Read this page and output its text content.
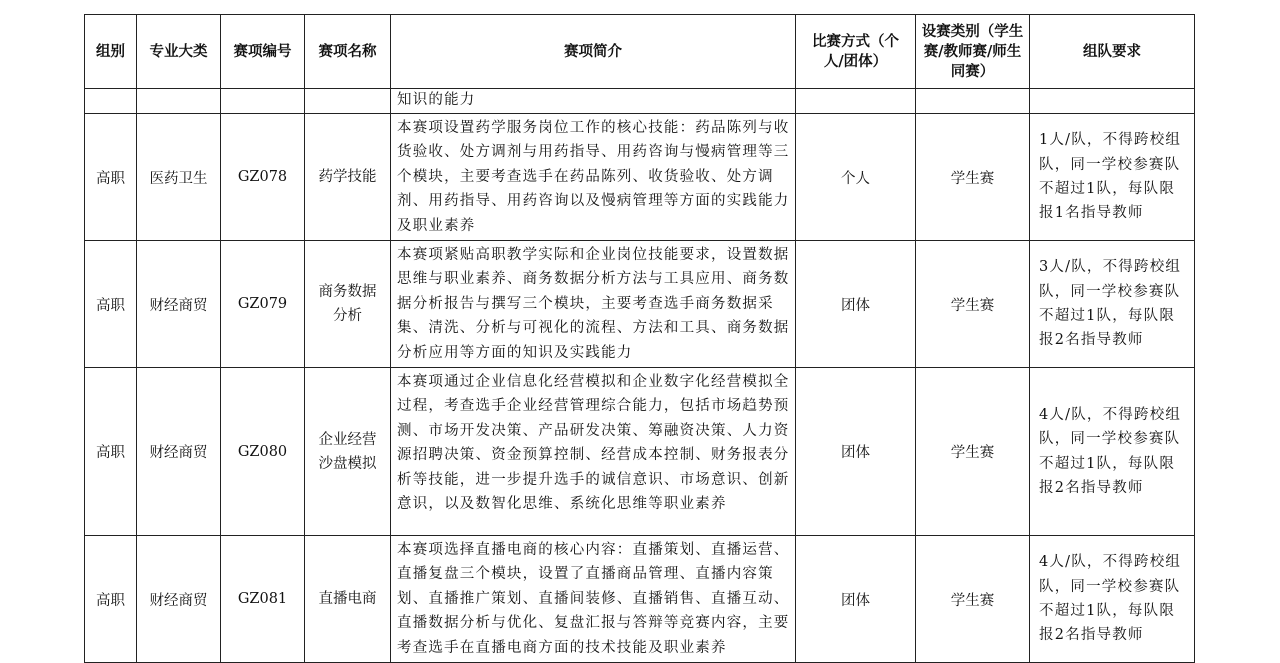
组别	专业大类	赛项编号	赛项名称	赛项简介	比赛方式（个人/团体）	设赛类别（学生赛/教师赛/师生同赛）	组队要求
				知识的能力			
高职	医药卫生	GZ078	药学技能	本赛项设置药学服务岗位工作的核心技能：药品陈列与收货验收、处方调剂与用药指导、用药咨询与慢病管理等三个模块，主要考查选手在药品陈列、收货验收、处方调剂、用药指导、用药咨询以及慢病管理等方面的实践能力及职业素养	个人	学生赛	1人/队，不得跨校组队，同一学校参赛队不超过1队，每队限报1名指导教师
高职	财经商贸	GZ079	商务数据分析	本赛项紧贴高职教学实际和企业岗位技能要求，设置数据思维与职业素养、商务数据分析方法与工具应用、商务数据分析报告与撰写三个模块，主要考查选手商务数据采集、清洗、分析与可视化的流程、方法和工具、商务数据分析应用等方面的知识及实践能力	团体	学生赛	3人/队，不得跨校组队，同一学校参赛队不超过1队，每队限报2名指导教师
高职	财经商贸	GZ080	企业经营沙盘模拟	本赛项通过企业信息化经营模拟和企业数字化经营模拟全过程，考查选手企业经营管理综合能力，包括市场趋势预测、市场开发决策、产品研发决策、筹融资决策、人力资源招聘决策、资金预算控制、经营成本控制、财务报表分析等技能，进一步提升选手的诚信意识、市场意识、创新意识，以及数智化思维、系统化思维等职业素养	团体	学生赛	4人/队，不得跨校组队，同一学校参赛队不超过1队，每队限报2名指导教师
高职	财经商贸	GZ081	直播电商	本赛项选择直播电商的核心内容：直播策划、直播运营、直播复盘三个模块，设置了直播商品管理、直播内容策划、直播推广策划、直播间装修、直播销售、直播互动、直播数据分析与优化、复盘汇报与答辩等竞赛内容，主要考查选手在直播电商方面的技术技能及职业素养	团体	学生赛	4人/队，不得跨校组队，同一学校参赛队不超过1队，每队限报2名指导教师
